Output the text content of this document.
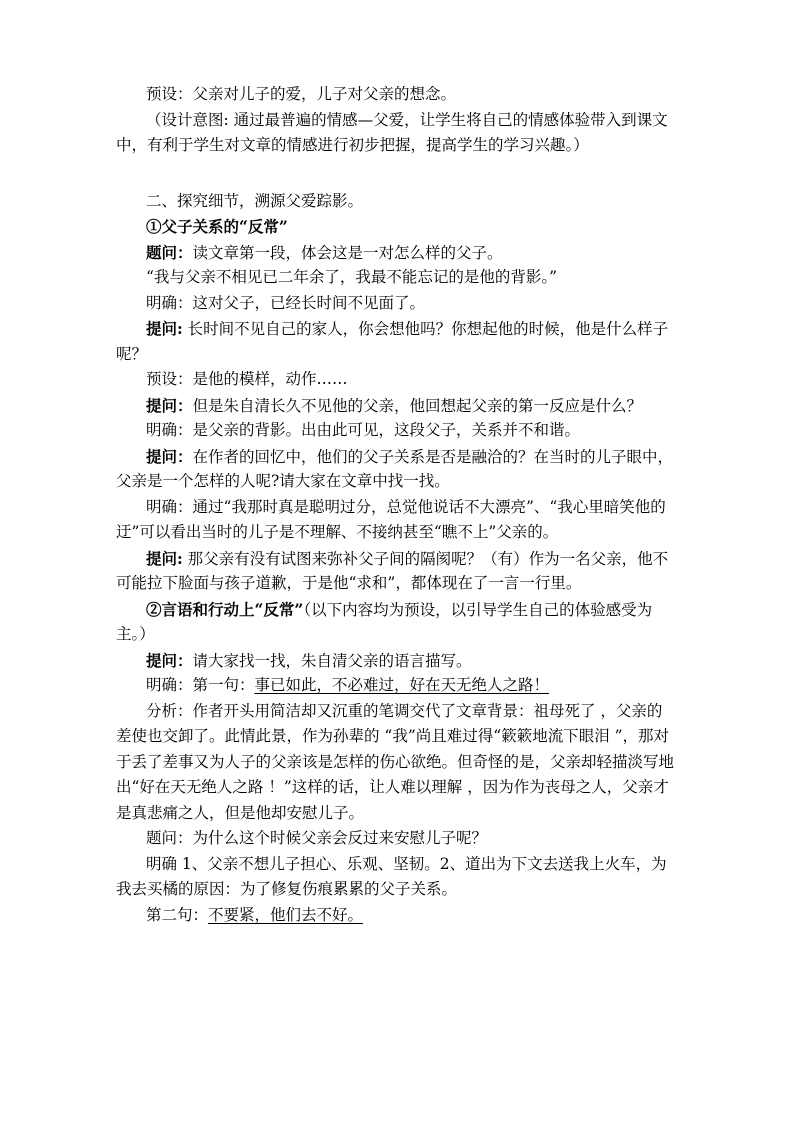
预设：父亲对儿子的爱，儿子对父亲的想念。
（设计意图: 通过最普遍的情感—父爱，让学生将自己的情感体验带入到课文
中，有利于学生对文章的情感进行初步把握，提高学生的学习兴趣。）
二、探究细节，溯源父爱踪影。
①父子关系的“反常”
题问：读文章第一段，体会这是一对怎么样的父子。
“我与父亲不相见已二年余了，我最不能忘记的是他的背影。”
明确：这对父子，已经长时间不见面了。
提问: 长时间不见自己的家人，你会想他吗？你想起他的时候，他是什么样子
呢？
预设：是他的模样，动作……
提问：但是朱自清长久不见他的父亲，他回想起父亲的第一反应是什么？
明确：是父亲的背影。出由此可见，这段父子，关系并不和谐。
提问：在作者的回忆中，他们的父子关系是否是融洽的？在当时的儿子眼中，
父亲是一个怎样的人呢?请大家在文章中找一找。
明确：通过“我那时真是聪明过分，总觉他说话不大漂亮”、“我心里暗笑他的
迂”可以看出当时的儿子是不理解、不接纳甚至“瞧不上”父亲的。
提问: 那父亲有没有试图来弥补父子间的隔阂呢？（有）作为一名父亲，他不
可能拉下脸面与孩子道歉，于是他“求和”，都体现在了一言一行里。
②言语和行动上“反常”（以下内容均为预设，以引导学生自己的体验感受为
主。）
提问：请大家找一找，朱自清父亲的语言描写。
明确：第一句：事已如此，不必难过，好在天无绝人之路！
分析：作者开头用简洁却又沉重的笔调交代了文章背景：祖母死了 ，父亲的
差使也交卸了。此情此景，作为孙辈的 “我”尚且难过得“簌簌地流下眼泪 ”，那对
于丢了差事又为人子的父亲该是怎样的伤心欲绝。但奇怪的是，父亲却轻描淡写地
出“好在天无绝人之路 ！”这样的话，让人难以理解 ，因为作为丧母之人，父亲才
是真悲痛之人，但是他却安慰儿子。
题问：为什么这个时候父亲会反过来安慰儿子呢？
明确 1、父亲不想儿子担心、乐观、坚韧。2、道出为下文去送我上火车，为
我去买橘的原因：为了修复伤痕累累的父子关系。
第二句：不要紧，他们去不好。
